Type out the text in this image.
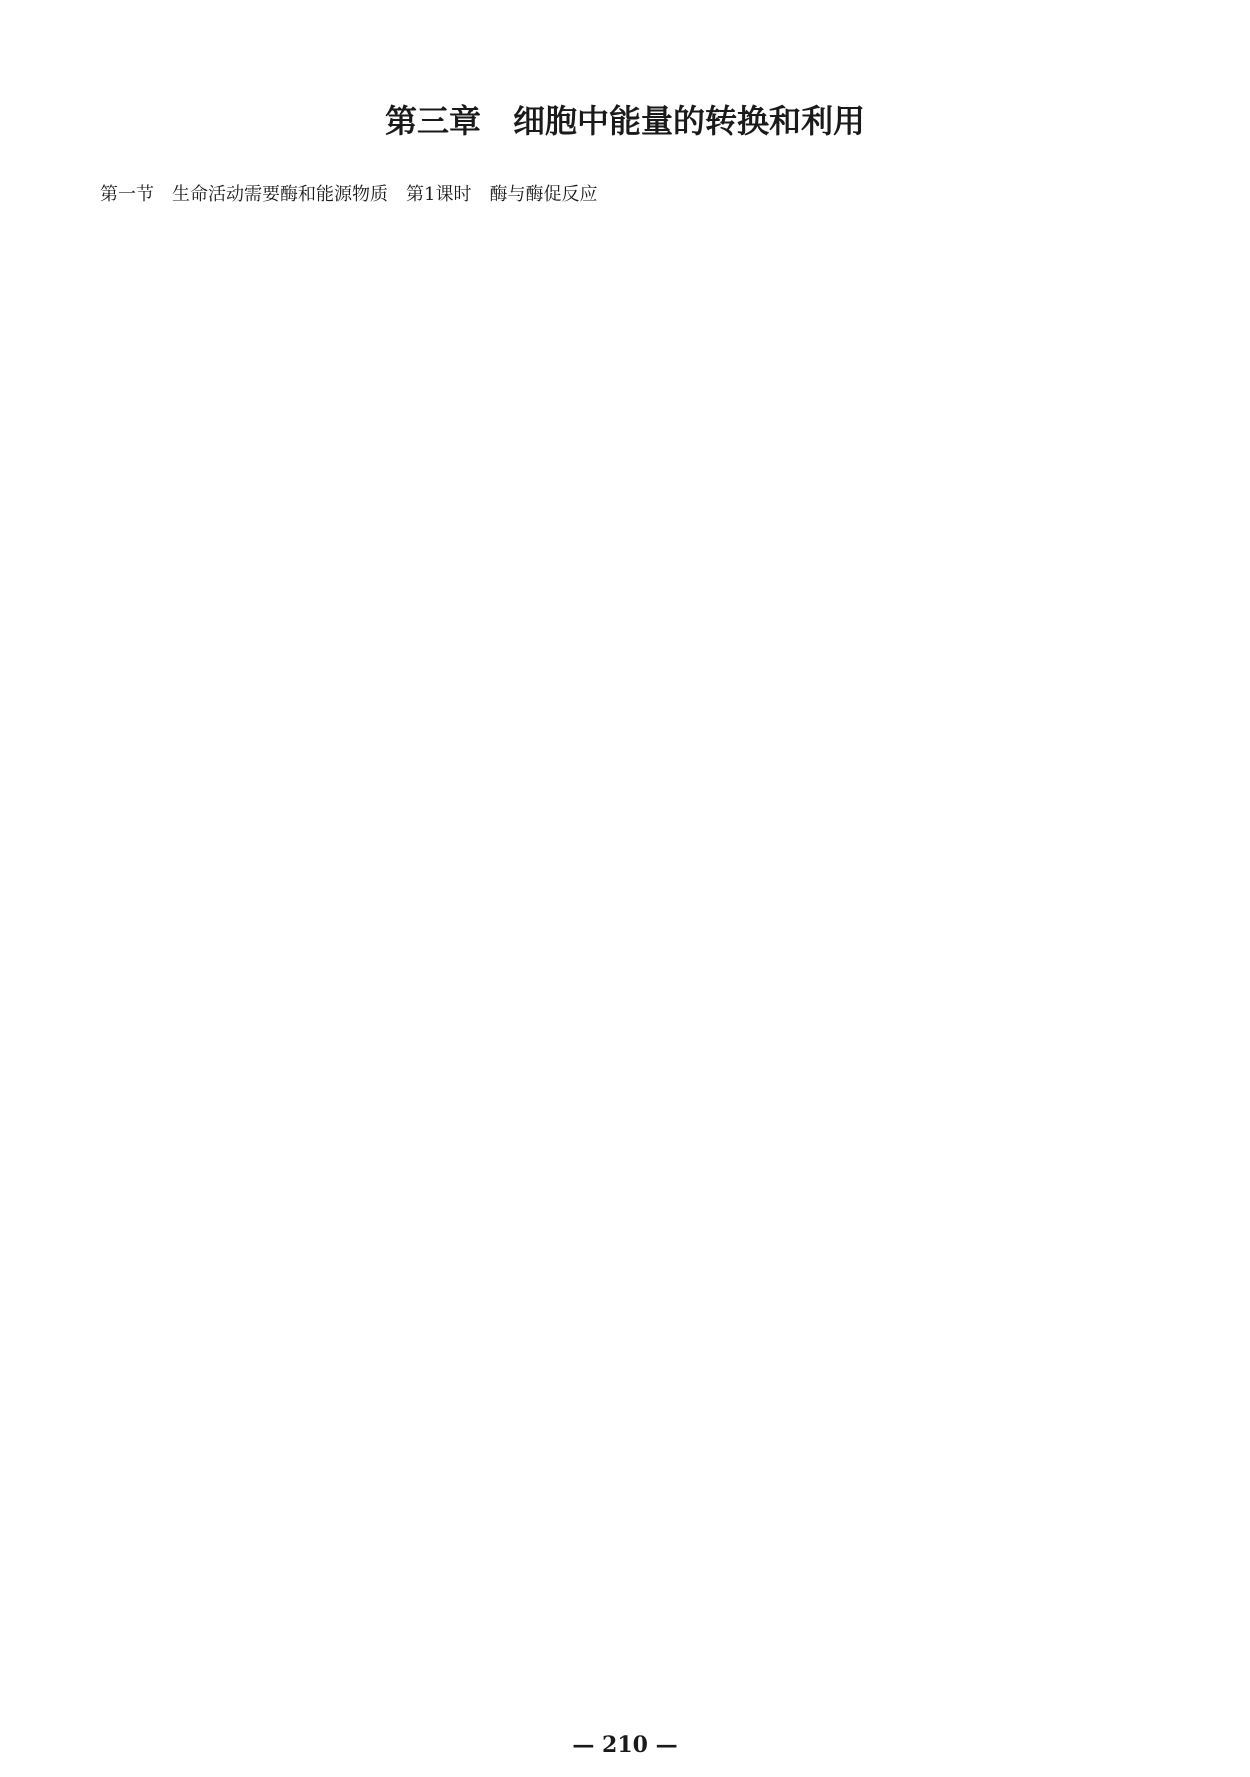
第三章　细胞中能量的转换和利用
第一节　生命活动需要酶和能源物质　第1课时　酶与酶促反应
— 210 —
